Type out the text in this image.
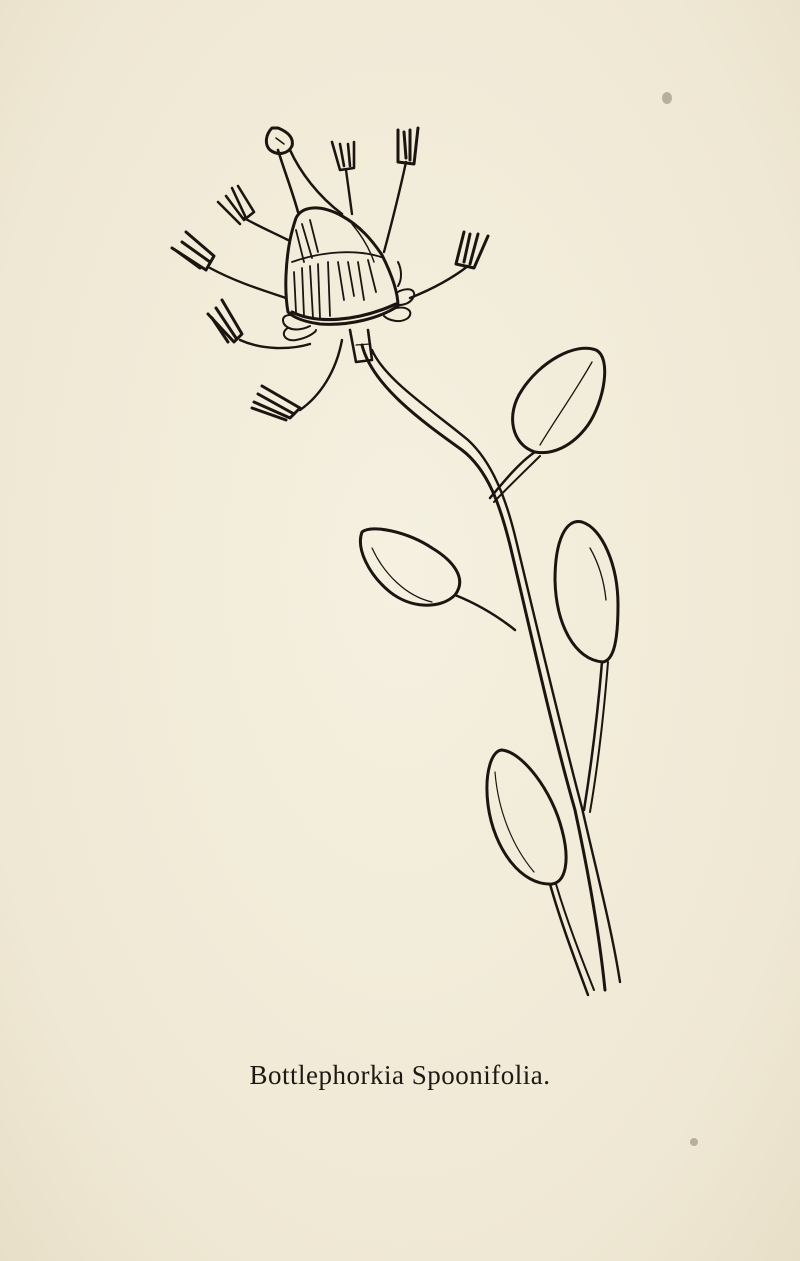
Bottlephorkia Spoonifolia.
